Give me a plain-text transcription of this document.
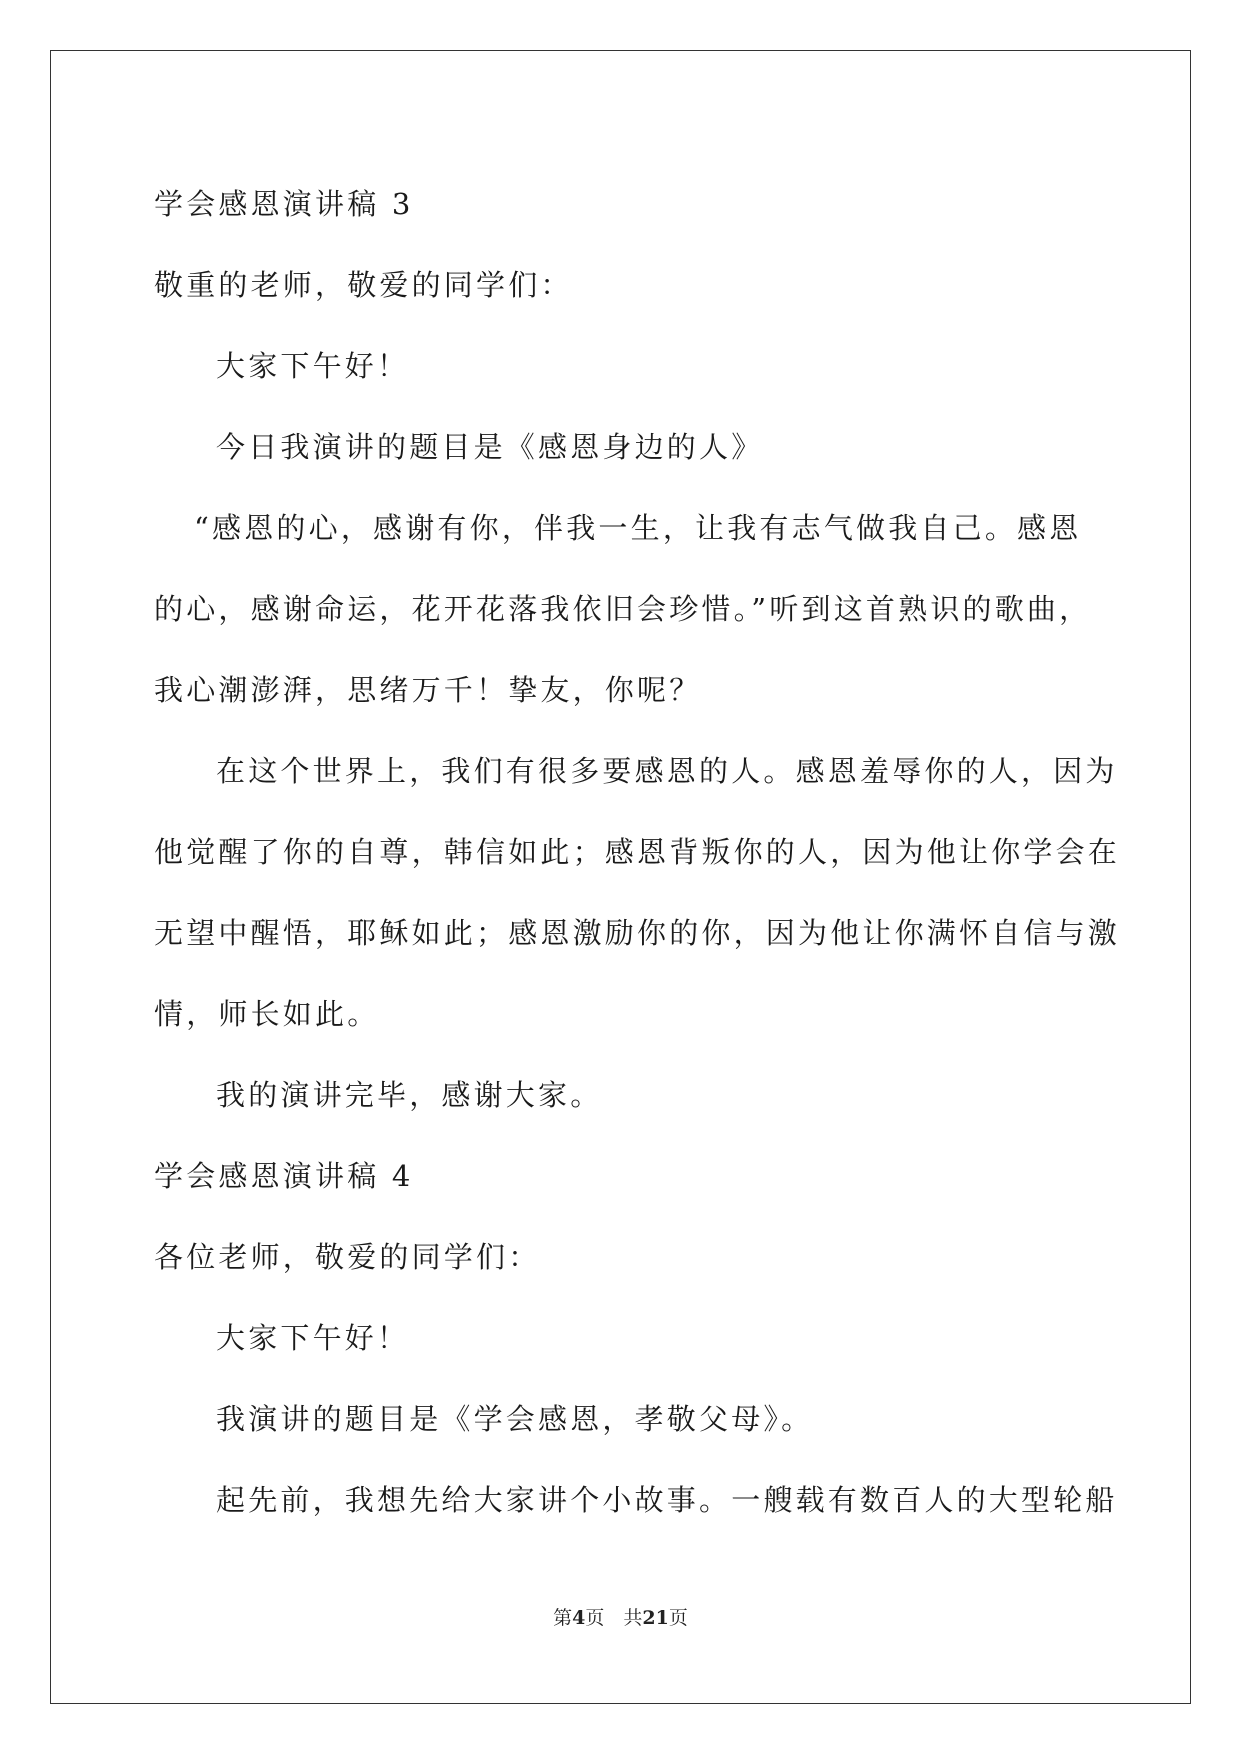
学会感恩演讲稿 3
敬重的老师，敬爱的同学们：
大家下午好！
今日我演讲的题目是《感恩身边的人》
“感恩的心，感谢有你，伴我一生，让我有志气做我自己。感恩
的心，感谢命运，花开花落我依旧会珍惜。”听到这首熟识的歌曲，
我心潮澎湃，思绪万千！挚友，你呢？
在这个世界上，我们有很多要感恩的人。感恩羞辱你的人，因为
他觉醒了你的自尊，韩信如此；感恩背叛你的人，因为他让你学会在
无望中醒悟，耶稣如此；感恩激励你的你，因为他让你满怀自信与激
情，师长如此。
我的演讲完毕，感谢大家。
学会感恩演讲稿 4
各位老师，敬爱的同学们：
大家下午好！
我演讲的题目是《学会感恩，孝敬父母》。
起先前，我想先给大家讲个小故事。一艘载有数百人的大型轮船
第4页　共21页
